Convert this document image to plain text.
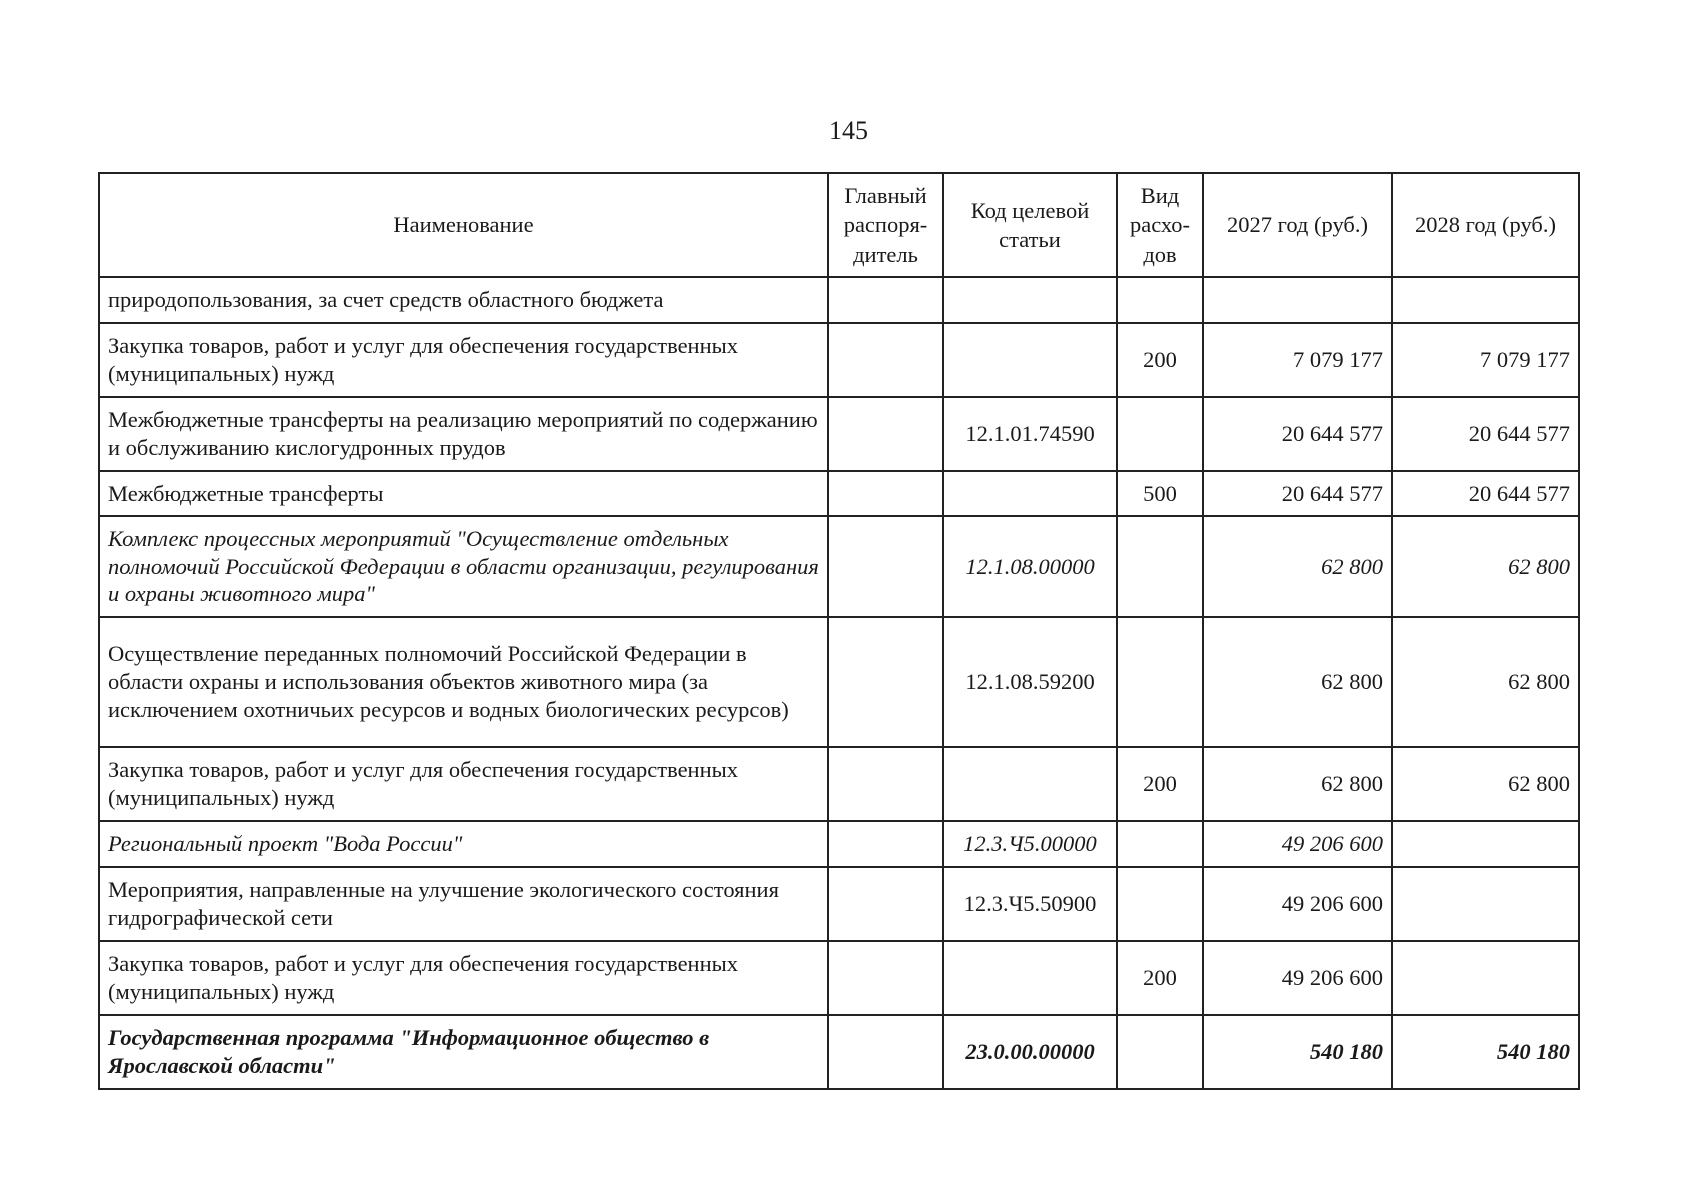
145
Наименование	Главный распоря-дитель	Код целевой статьи	Вид расхо-дов	2027 год (руб.)	2028 год (руб.)
природопользования, за счет средств областного бюджета					
Закупка товаров, работ и услуг для обеспечения государственных (муниципальных) нужд			200	7 079 177	7 079 177
Межбюджетные трансферты на реализацию мероприятий по содержанию и обслуживанию кислогудронных прудов		12.1.01.74590		20 644 577	20 644 577
Межбюджетные трансферты			500	20 644 577	20 644 577
Комплекс процессных мероприятий "Осуществление отдельных полномочий Российской Федерации в области организации, регулирования и охраны животного мира"		12.1.08.00000		62 800	62 800
Осуществление переданных полномочий Российской Федерации в области охраны и использования объектов животного мира (за исключением охотничьих ресурсов и водных биологических ресурсов)		12.1.08.59200		62 800	62 800
Закупка товаров, работ и услуг для обеспечения государственных (муниципальных) нужд			200	62 800	62 800
Региональный проект "Вода России"		12.3.Ч5.00000		49 206 600	
Мероприятия, направленные на улучшение экологического состояния гидрографической сети		12.3.Ч5.50900		49 206 600	
Закупка товаров, работ и услуг для обеспечения государственных (муниципальных) нужд			200	49 206 600	
Государственная программа "Информационное общество в Ярославской области"		23.0.00.00000		540 180	540 180
